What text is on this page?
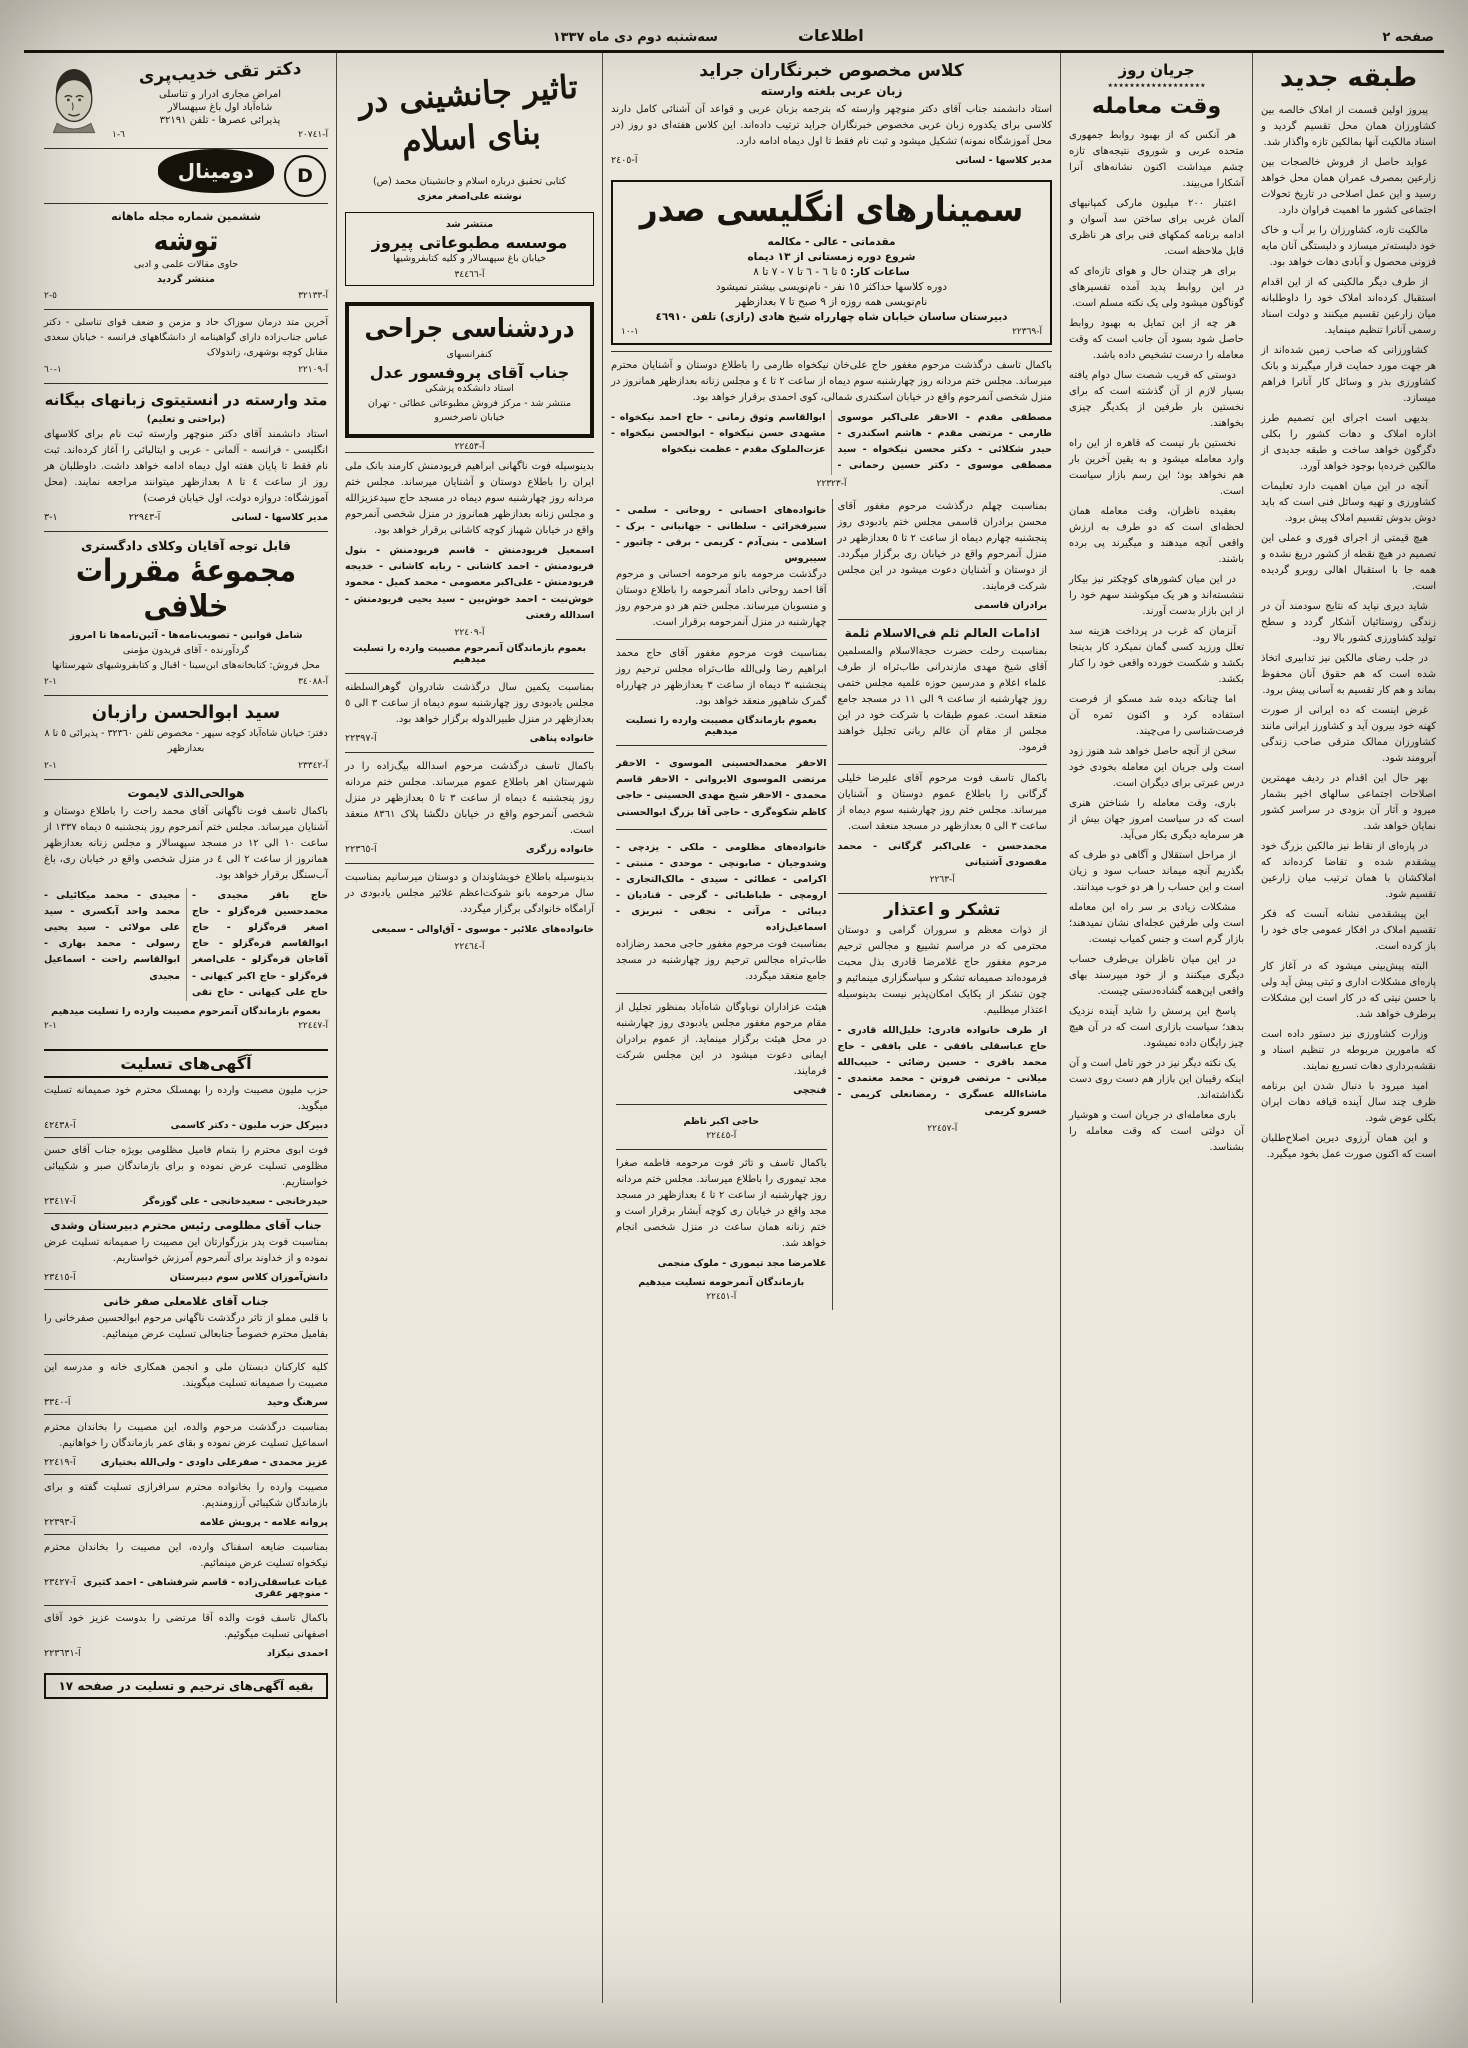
صفحه ۲
اطلاعات
سه‌شنبه دوم دی ماه ۱۳۳۷
طبقه جدید

پیروز اولین قسمت از املاک خالصه بین کشاورزان همان محل تقسیم گردید و اسناد مالکیت آنها بمالکین تازه واگذار شد.

عواید حاصل از فروش خالصجات بین زارعین بمصرف عمران همان محل خواهد رسید و این عمل اصلاحی در تاریخ تحولات اجتماعی کشور ما اهمیت فراوان دارد.

مالکیت تازه، کشاورزان را بر آب و خاک خود دلبسته‌تر میسازد و دلبستگی آنان مایه فزونی محصول و آبادی دهات خواهد بود.

از طرف دیگر مالکینی که از این اقدام استقبال کرده‌اند املاک خود را داوطلبانه میان زارعین تقسیم میکنند و دولت اسناد رسمی آنانرا تنظیم مینماید.

کشاورزانی که صاحب زمین شده‌اند از هر جهت مورد حمایت قرار میگیرند و بانک کشاورزی بذر و وسائل کار آنانرا فراهم میسازد.

بدیهی است اجرای این تصمیم طرز اداره املاک و دهات کشور را بکلی دگرگون خواهد ساخت و طبقه جدیدی از مالکین خرده‌پا بوجود خواهد آورد.

آنچه در این میان اهمیت دارد تعلیمات کشاورزی و تهیه وسائل فنی است که باید دوش بدوش تقسیم املاک پیش برود.

هیچ قیمتی از اجرای فوری و عملی این تصمیم در هیچ نقطه از کشور دریغ نشده و همه جا با استقبال اهالی روبرو گردیده است.

شاید دیری نپاید که نتایج سودمند آن در زندگی روستائیان آشکار گردد و سطح تولید کشاورزی کشور بالا رود.

در جلب رضای مالکین نیز تدابیری اتخاذ شده است که هم حقوق آنان محفوظ بماند و هم کار تقسیم به آسانی پیش برود.

غرض اینست که ده ایرانی از صورت کهنه خود بیرون آید و کشاورز ایرانی مانند کشاورزان ممالک مترقی صاحب زندگی آبرومند شود.

بهر حال این اقدام در ردیف مهمترین اصلاحات اجتماعی سالهای اخیر بشمار میرود و آثار آن بزودی در سراسر کشور نمایان خواهد شد.

در پاره‌ای از نقاط نیز مالکین بزرگ خود پیشقدم شده و تقاضا کرده‌اند که املاکشان با همان ترتیب میان زارعین تقسیم شود.

این پیشقدمی نشانه آنست که فکر تقسیم املاک در افکار عمومی جای خود را باز کرده است.

البته پیش‌بینی میشود که در آغاز کار پاره‌ای مشکلات اداری و ثبتی پیش آید ولی با حسن نیتی که در کار است این مشکلات برطرف خواهد شد.

وزارت کشاورزی نیز دستور داده است که مامورین مربوطه در تنظیم اسناد و نقشه‌برداری دهات تسریع نمایند.

امید میرود با دنبال شدن این برنامه ظرف چند سال آینده قیافه دهات ایران بکلی عوض شود.

و این همان آرزوی دیرین اصلاح‌طلبان است که اکنون صورت عمل بخود میگیرد.

جریان روز
٭٭٭٭٭٭٭٭٭٭٭٭٭٭٭٭٭٭
وقت معامله

هر آنکس که از بهبود روابط جمهوری متحده عربی و شوروی نتیجه‌های تازه چشم میداشت اکنون نشانه‌های آنرا آشکارا می‌بیند.

اعتبار ۲۰۰ میلیون مارکی کمپانیهای آلمان غربی برای ساختن سد آسوان و ادامه برنامه کمکهای فنی برای هر ناظری قابل ملاحظه است.

برای هر چندان حال و هوای تازه‌ای که در این روابط پدید آمده تفسیرهای گوناگون میشود ولی یک نکته مسلم است.

هر چه از این تمایل به بهبود روابط حاصل شود بسود آن جانب است که وقت معامله را درست تشخیص داده باشد.

دوستی که قریب شصت سال دوام یافته بسیار لازم از آن گذشته است که برای نخستین بار طرفین از یکدیگر چیزی بخواهند.

نخستین بار نیست که قاهره از این راه وارد معامله میشود و به یقین آخرین بار هم نخواهد بود؛ این رسم بازار سیاست است.

بعقیده ناظران، وقت معامله همان لحظه‌ای است که دو طرف به ارزش واقعی آنچه میدهند و میگیرند پی برده باشند.

در این میان کشورهای کوچکتر نیز بیکار ننشسته‌اند و هر یک میکوشند سهم خود را از این بازار بدست آورند.

آنزمان که غرب در پرداخت هزینه سد تعلل ورزید کسی گمان نمیکرد کار بدینجا بکشد و شکست خورده واقعی خود را کنار بکشد.

اما چنانکه دیده شد مسکو از فرصت استفاده کرد و اکنون ثمره آن فرصت‌شناسی را می‌چیند.

سخن از آنچه حاصل خواهد شد هنوز زود است ولی جریان این معامله بخودی خود درس عبرتی برای دیگران است.

باری، وقت معامله را شناختن هنری است که در سیاست امروز جهان بیش از هر سرمایه دیگری بکار می‌آید.

از مراحل استقلال و آگاهی دو طرف که بگذریم آنچه میماند حساب سود و زیان است و این حساب را هر دو خوب میدانند.

مشکلات زیادی بر سر راه این معامله است ولی طرفین عجله‌ای نشان نمیدهند؛ بازار گرم است و جنس کمیاب نیست.

در این میان ناظران بی‌طرف حساب دیگری میکنند و از خود میپرسند بهای واقعی این‌همه گشاده‌دستی چیست.

پاسخ این پرسش را شاید آینده نزدیک بدهد؛ سیاست بازاری است که در آن هیچ چیز رایگان داده نمیشود.

یک نکته دیگر نیز در خور تامل است و آن اینکه رقیبان این بازار هم دست روی دست نگذاشته‌اند.

باری معامله‌ای در جریان است و هوشیار آن دولتی است که وقت معامله را بشناسد.

کلاس مخصوص خبرنگاران جراید
زبان عربی بلغته وارسته

استاد دانشمند جناب آقای دکتر منوچهر وارسته که بترجمه بزبان عربی و قواعد آن آشنائی کامل دارند کلاسی برای یکدوره زبان عربی مخصوص خبرنگاران جراید ترتیب داده‌اند. این کلاس هفته‌ای دو روز (در محل آموزشگاه نمونه) تشکیل میشود و ثبت نام فقط تا اول دیماه ادامه دارد.

مدیر کلاسها - لسانی
آ-۲٤۰٥
سمینارهای انگلیسی صدر
مقدماتی - عالی - مکالمه
شروع دوره زمستانی از ۱۳ دیماه
ساعات کار: ٥ تا ٦ - ٦ تا ۷ - ۷ تا ۸
دوره کلاسها حداکثر ۱٥ نفر - نام‌نویسی بیشتر نمیشود
نام‌نویسی همه روزه از ۹ صبح تا ۷ بعدازظهر
دبیرستان ساسان خیابان شاه چهارراه شیخ هادی (رازی) تلفن ٤٦۹۱۰
آ-۲۲۳٦۹
۱۰-۱

باکمال تاسف درگذشت مرحوم مغفور حاج علی‌خان نیکخواه طارمی را باطلاع دوستان و آشنایان محترم میرساند. مجلس ختم مردانه روز چهارشنبه سوم دیماه از ساعت ۲ تا ٤ و مجلس زنانه بعدازظهر همانروز در منزل شخصی آنمرحوم واقع در خیابان اسکندری شمالی، کوی احمدی برقرار خواهد بود.

مصطفی مقدم - الاحقر علی‌اکبر موسوی طارمی - مرتضی مقدم - هاشم اسکندری - حیدر شکلائی - دکتر محسن نیکخواه - سید مصطفی موسوی - دکتر حسین رحمانی - ابوالقاسم وثوق زمانی - حاج احمد نیکخواه - مشهدی حسن نیکخواه - ابوالحسن نیکخواه - عزت‌الملوک مقدم - عظمت نیکخواه
آ-۲۲۳۲۳

بمناسبت چهلم درگذشت مرحوم مغفور آقای محسن برادران قاسمی مجلس ختم یادبودی روز پنجشنبه چهارم دیماه از ساعت ۲ تا ٥ بعدازظهر در منزل آنمرحوم واقع در خیابان ری برگزار میگردد. از دوستان و آشنایان دعوت میشود در این مجلس شرکت فرمایند.

برادران قاسمی
اذامات العالم ثلم فی‌الاسلام ثلمة

بمناسبت رحلت حضرت حجةالاسلام والمسلمین آقای شیخ مهدی مازندرانی طاب‌ثراه از طرف علماء اعلام و مدرسین حوزه علمیه مجلس ختمی روز چهارشنبه از ساعت ۹ الی ۱۱ در مسجد جامع منعقد است. عموم طبقات با شرکت خود در این مجلس از مقام آن عالم ربانی تجلیل خواهند فرمود.

باکمال تاسف فوت مرحوم آقای علیرضا خلیلی گرگانی را باطلاع عموم دوستان و آشنایان میرساند. مجلس ختم روز چهارشنبه سوم دیماه از ساعت ۳ الی ٥ بعدازظهر در مسجد منعقد است.

محمدحسن - علی‌اکبر گرگانی - محمد مقصودی آشتیانی
آ-۲۲٦۳
تشکر و اعتذار

از ذوات معظم و سروران گرامی و دوستان محترمی که در مراسم تشییع و مجالس ترحیم مرحوم مغفور حاج غلامرضا قادری بذل محبت فرموده‌اند صمیمانه تشکر و سپاسگزاری مینمائیم و چون تشکر از یکایک امکان‌پذیر نیست بدینوسیله اعتذار میطلبیم.

از طرف خانواده قادری: خلیل‌الله قادری - حاج عباسقلی بافقی - علی بافقی - حاج محمد باقری - حسین رضائی - حبیب‌الله میلانی - مرتضی فروتن - محمد معتمدی - ماشاءالله عسگری - رمضانعلی کریمی - خسرو کریمی
آ-۲۲٤٥۷
خانواده‌های احسانی - روحانی - سلمی - سیرفخرائی - سلطانی - جهانبانی - برک - اسلامی - بنی‌آدم - کریمی - برقی - چاتیور - سیبروس

درگذشت مرحومه بانو مرحومه احسانی و مرحوم آقا احمد روحانی داماد آنمرحومه را باطلاع دوستان و منسوبان میرساند. مجلس ختم هر دو مرحوم روز چهارشنبه در منزل آنمرحومه برقرار است.

بمناسبت فوت مرحوم مغفور آقای حاج محمد ابراهیم رضا ولی‌الله طاب‌ثراه مجلس ترحیم روز پنجشنبه ۳ دیماه از ساعت ۳ بعدازظهر در چهارراه گمرک شاهپور منعقد خواهد بود.

بعموم بازماندگان مصیبت وارده را تسلیت میدهیم
الاحقر محمدالحسینی الموسوی - الاحقر مرتضی الموسوی الایروانی - الاحقر قاسم محمدی - الاحقر شیخ مهدی الحسینی - حاجی کاظم شکوه‌گری - حاجی آقا بزرگ ابوالحسنی
خانواده‌های مظلومی - ملکی - یزدچی - وشدوجیان - صابونچی - موحدی - منبتی - اکرامی - عطائی - سیدی - مالک‌التجاری - ارومچی - طباطبائی - گرجی - قنادیان - دیبائی - مرآتی - نجفی - تبریزی - اسماعیل‌زاده

بمناسبت فوت مرحوم مغفور حاجی محمد رضازاده طاب‌ثراه مجالس ترحیم روز چهارشنبه در مسجد جامع منعقد میگردد.

هیئت عزاداران نوباوگان شاه‌آباد بمنظور تجلیل از مقام مرحوم مغفور مجلس یادبودی روز چهارشنبه در محل هیئت برگزار مینماید. از عموم برادران ایمانی دعوت میشود در این مجلس شرکت فرمایند.

فنجچی
حاجی اکبر ناظم
آ-۲۲٤٤٥

باکمال تاسف و تاثر فوت مرحومه فاطمه صغرا مجد تیموری را باطلاع میرساند. مجلس ختم مردانه روز چهارشنبه از ساعت ۲ تا ٤ بعدازظهر در مسجد مجد واقع در خیابان ری کوچه آبشار برقرار است و ختم زنانه همان ساعت در منزل شخصی انجام خواهد شد.

غلامرضا مجد تیموری - ملوک منجمی
بازماندگان آنمرحومه تسلیت میدهیم
آ-۲۲٤٥۱
تاثیر جانشینی در بنای اسلام

کتابی تحقیق درباره اسلام و جانشینان محمد (ص)

نوشته علی‌اصغر معزی
منتشر شد
موسسه مطبوعاتی پیروز
خیابان باغ سپهسالار و کلیه کتابفروشیها
آ-۳٤٤٦٦
دردشناسی جراحی
کنفرانسهای
جناب آقای پروفسور عدل
استاد دانشکده پزشکی
منتشر شد - مرکز فروش مطبوعاتی عطائی - تهران خیابان ناصرخسرو
آ-۲۲٤٥۳

بدینوسیله فوت ناگهانی ابراهیم فریودمنش کارمند بانک ملی ایران را باطلاع دوستان و آشنایان میرساند. مجلس ختم مردانه روز چهارشنبه سوم دیماه در مسجد حاج سیدعزیزالله و مجلس زنانه بعدازظهر همانروز در منزل شخصی آنمرحوم واقع در خیابان شهباز کوچه کاشانی برقرار خواهد بود.

اسمعیل فریودمنش - قاسم فریودمنش - بتول فریودمنش - احمد کاشانی - ربابه کاشانی - خدیجه فریودمنش - علی‌اکبر معصومی - محمد کمیل - محمود خوش‌نیت - احمد خوش‌بین - سید یحیی فریودمنش - اسدالله رفعتی
آ-۲۲٤۰۹
بعموم بازماندگان آنمرحوم مصیبت وارده را تسلیت میدهیم

بمناسبت یکمین سال درگذشت شادروان گوهرالسلطنه مجلس یادبودی روز چهارشنبه سوم دیماه از ساعت ۳ الی ٥ بعدازظهر در منزل طبیرالدوله برگزار خواهد بود.

خانواده پناهی
آ-۲۲۳۹۷

باکمال تاسف درگذشت مرحوم اسدالله بیگ‌زاده را در شهرستان اهر باطلاع عموم میرساند. مجلس ختم مردانه روز پنجشنبه ٤ دیماه از ساعت ۳ تا ٥ بعدازظهر در منزل شخصی آنمرحوم واقع در خیابان دلگشا پلاک ۸۳٦۱ منعقد است.

خانواده زرگری
آ-۲۲۳٦٥

بدینوسیله باطلاع خویشاوندان و دوستان میرسانیم بمناسبت سال مرحومه بانو شوکت‌اعظم علائیر مجلس یادبودی در آرامگاه خانوادگی برگزار میگردد.

خانواده‌های علائیر - موسوی - آق‌اوالی - سمیعی
آ-۲۲٤٦٤
دکتر تقی خدیب‌پری
امراض مجاری ادرار و تناسلی
شاه‌آباد اول باغ سپهسالار
پذیرائی عصرها - تلفن ۳۲۱۹۱
آ-۲۰۷٤۱
٦-۱
D
دومینال
محصول آلمان
ششمین شماره مجله ماهانه
توشه
حاوی مقالات علمی و ادبی
منتشر گردید
آ-۳۲۱۳۳
٥-۲

آخرین متد درمان سوزاک حاد و مزمن و ضعف قوای تناسلی - دکتر عباس جناب‌زاده دارای گواهینامه از دانشگاههای فرانسه - خیابان سعدی مقابل کوچه بوشهری، زاندولاک

آ-۲۲۱۰۹
٦۰-۱
متد وارسته در انستیتوی زبانهای بیگانه
(براحتی و تعلیم)

استاد دانشمند آقای دکتر منوچهر وارسته ثبت نام برای کلاسهای انگلیسی - فرانسه - آلمانی - عربی و ایتالیائی را آغاز کرده‌اند. ثبت نام فقط تا پایان هفته اول دیماه ادامه خواهد داشت. داوطلبان هر روز از ساعت ٤ تا ۸ بعدازظهر میتوانند مراجعه نمایند. (محل آموزشگاه: دروازه دولت، اول خیابان فرصت)

مدیر کلاسها - لسانی
آ-۲۲۹٤۳
۳-۱
قابل توجه آقایان وکلای دادگستری
مجموعهٔ مقررات خلافی
شامل قوانین - تصویب‌نامه‌ها - آئین‌نامه‌ها تا امروز
گردآورنده - آقای فریدون مؤمنی
محل فروش: کتابخانه‌های ابن‌سینا - اقبال و کتابفروشیهای شهرستانها
آ-۳٤۰۸۸
۲-۱
سید ابوالحسن رازبان
دفتر: خیابان شاه‌آباد کوچه سپهر - مخصوص تلفن ۳۲۳٦۰ - پذیرائی ٥ تا ۸ بعدازظهر
آ-۲۳۳٤۲
۲-۱
هوالحی‌الذی لایموت

باکمال تاسف فوت ناگهانی آقای محمد راحت را باطلاع دوستان و آشنایان میرساند. مجلس ختم آنمرحوم روز پنجشنبه ٥ دیماه ۱۳۳۷ از ساعت ۱۰ الی ۱۲ در مسجد سپهسالار و مجلس زنانه بعدازظهر همانروز از ساعت ۲ الی ٤ در منزل شخصی واقع در خیابان ری، باغ آب‌سنگل برقرار خواهد بود.

حاج باقر مجیدی - محمدحسین قره‌گزلو - حاج اصغر قره‌گزلو - حاج ابوالقاسم قره‌گزلو - حاج آقاجان قره‌گزلو - علی‌اصغر قره‌گزلو - حاج اکبر کیهانی - حاج علی کیهانی - حاج تقی مجیدی - محمد میکائیلی - محمد واحد آبکسری - سید علی مولائی - سید یحیی رسولی - محمد بهاری - ابوالقاسم راحت - اسماعیل مجیدی
بعموم بازماندگان آنمرحوم مصیبت وارده را تسلیت میدهیم
آ-۲۲٤٤۷
۲-۱
آگهی‌های تسلیت

حزب ملیون مصیبت وارده را بهمسلک محترم خود صمیمانه تسلیت میگوید.

دبیرکل حزب ملیون - دکتر کاسمی
آ-٤۲٤۳۸

فوت ابوی محترم را بتمام فامیل مظلومی بویژه جناب آقای حسن مظلومی تسلیت عرض نموده و برای بازماندگان صبر و شکیبائی خواستاریم.

حیدرخانجی - سعیدخانجی - علی گوزه‌گر
آ-۲۳٤۱۷
جناب آقای مظلومی رئیس محترم دبیرستان وشدی

بمناسبت فوت پدر بزرگوارتان این مصیبت را صمیمانه تسلیت عرض نموده و از خداوند برای آنمرحوم آمرزش خواستاریم.

دانش‌آموزان کلاس سوم دبیرستان
آ-۲۳٤۱٥
جناب آقای غلامعلی صفر خانی

با قلبی مملو از تاثر درگذشت ناگهانی مرحوم ابوالحسین صفرخانی را بفامیل محترم خصوصاً جنابعالی تسلیت عرض مینمائیم.

کلیه کارکنان دبستان ملی و انجمن همکاری خانه و مدرسه این مصیبت را صمیمانه تسلیت میگویند.

سرهنگ وحید
آ-۳۳٤۰

بمناسبت درگذشت مرحوم والده، این مصیبت را بخاندان محترم اسماعیل تسلیت عرض نموده و بقای عمر بازماندگان را خواهانیم.

عزیز محمدی - صفرعلی داودی - ولی‌الله بختیاری
آ-۲۲٤۱۹

مصیبت وارده را بخانواده محترم سرافرازی تسلیت گفته و برای بازماندگان شکیبائی آرزومندیم.

پروانه علامه - پرویش علامه
آ-۲۲۳۹۳

بمناسبت ضایعه اسفناک وارده، این مصیبت را بخاندان محترم نیکخواه تسلیت عرض مینمائیم.

غیاث عباسقلی‌زاده - قاسم شرفشاهی - احمد کثیری - منوچهر عقری
آ-۲۳٤۲۷

باکمال تاسف فوت والده آقا مرتضی را بدوست عزیز خود آقای اصفهانی تسلیت میگوئیم.

احمدی نیکزاد
آ-۲۲۳٦۳۱
بقیه آگهی‌های ترحیم و تسلیت در صفحه ۱۷
